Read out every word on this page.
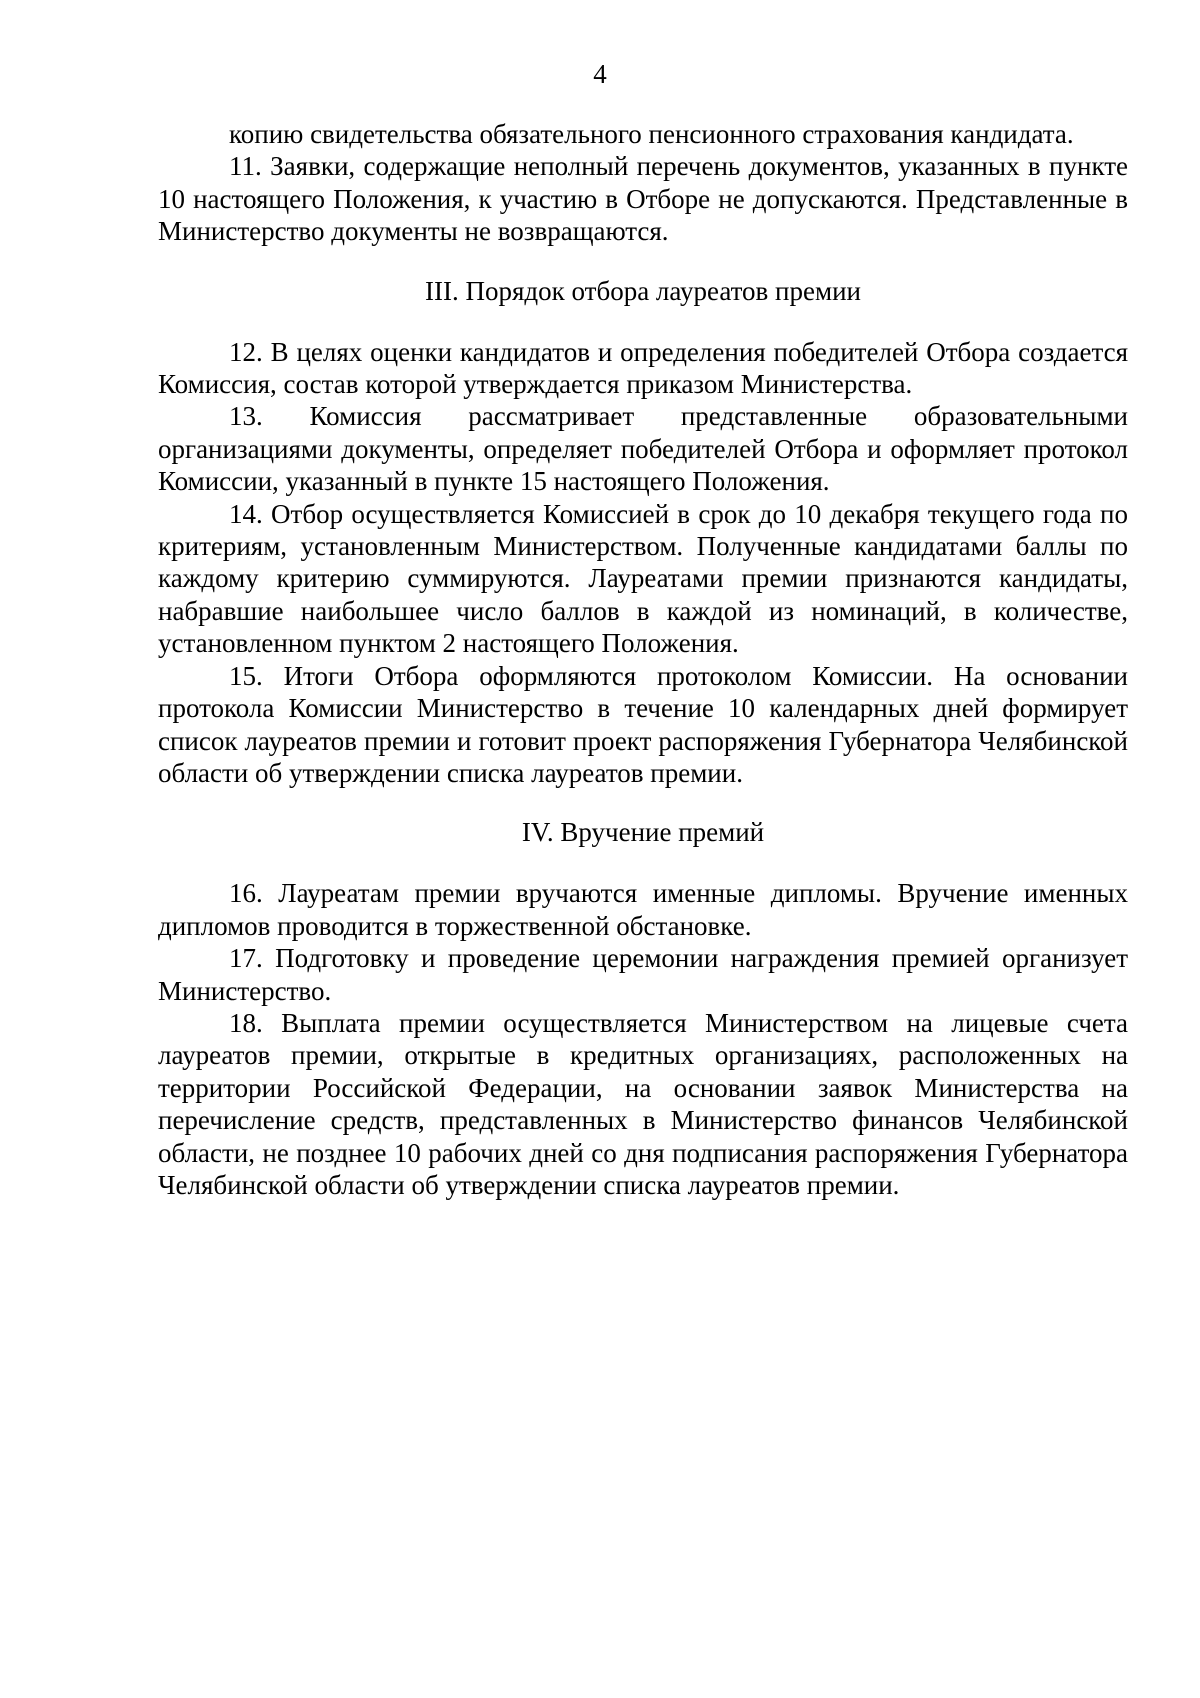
4

копию свидетельства обязательного пенсионного страхования кандидата.

11. Заявки, содержащие неполный перечень документов, указанных в пункте 10 настоящего Положения, к участию в Отборе не допускаются. Представленные в Министерство документы не возвращаются.

III. Порядок отбора лауреатов премии

12. В целях оценки кандидатов и определения победителей Отбора создается Комиссия, состав которой утверждается приказом Министерства.

13. Комиссия рассматривает представленные образовательными организациями документы, определяет победителей Отбора и оформляет протокол Комиссии, указанный в пункте 15 настоящего Положения.

14. Отбор осуществляется Комиссией в срок до 10 декабря текущего года по критериям, установленным Министерством. Полученные кандидатами баллы по каждому критерию суммируются. Лауреатами премии признаются кандидаты, набравшие наибольшее число баллов в каждой из номинаций, в количестве, установленном пунктом 2 настоящего Положения.

15. Итоги Отбора оформляются протоколом Комиссии. На основании протокола Комиссии Министерство в течение 10 календарных дней формирует список лауреатов премии и готовит проект распоряжения Губернатора Челябинской области об утверждении списка лауреатов премии.

IV. Вручение премий

16. Лауреатам премии вручаются именные дипломы. Вручение именных дипломов проводится в торжественной обстановке.

17. Подготовку и проведение церемонии награждения премией организует Министерство.

18. Выплата премии осуществляется Министерством на лицевые счета лауреатов премии, открытые в кредитных организациях, расположенных на территории Российской Федерации, на основании заявок Министерства на перечисление средств, представленных в Министерство финансов Челябинской области, не позднее 10 рабочих дней со дня подписания распоряжения Губернатора Челябинской области об утверждении списка лауреатов премии.
